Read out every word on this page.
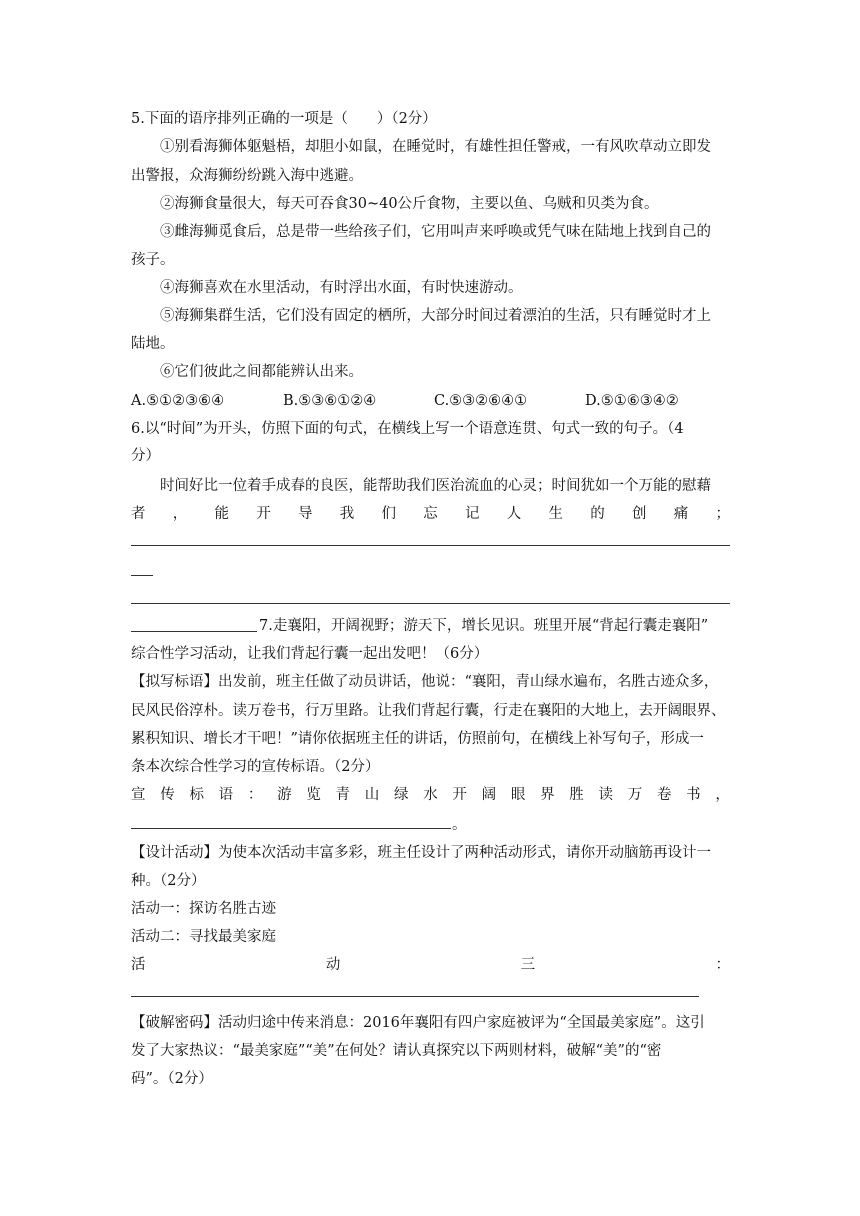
5.下面的语序排列正确的一项是（　　）（2分）
①别看海狮体躯魁梧，却胆小如鼠，在睡觉时，有雄性担任警戒，一有风吹草动立即发
出警报，众海狮纷纷跳入海中逃避。
②海狮食量很大，每天可吞食30~40公斤食物，主要以鱼、乌贼和贝类为食。
③雌海狮觅食后，总是带一些给孩子们，它用叫声来呼唤或凭气味在陆地上找到自己的
孩子。
④海狮喜欢在水里活动，有时浮出水面，有时快速游动。
⑤海狮集群生活，它们没有固定的栖所，大部分时间过着漂泊的生活，只有睡觉时才上
陆地。
⑥它们彼此之间都能辨认出来。
A.⑤①②③⑥④	B.⑤③⑥①②④	C.⑤③②⑥④①	D.⑤①⑥③④②
6.以“时间”为开头，仿照下面的句式，在横线上写一个语意连贯、句式一致的句子。（4
分）
时间好比一位着手成春的良医，能帮助我们医治流血的心灵；时间犹如一个万能的慰藉
者 ， 能 开 导 我 们 忘 记 人 生 的 创 痛 ；
7.走襄阳，开阔视野；游天下，增长见识。班里开展“背起行囊走襄阳”
综合性学习活动，让我们背起行囊一起出发吧！（6分）
【拟写标语】出发前，班主任做了动员讲话，他说：“襄阳，青山绿水遍布，名胜古迹众多，
民风民俗淳朴。读万卷书，行万里路。让我们背起行囊，行走在襄阳的大地上，去开阔眼界、
累积知识、增长才干吧！”请你依据班主任的讲话，仿照前句，在横线上补写句子，形成一
条本次综合性学习的宣传标语。（2分）
宣 传 标 语 ： 游 览 青 山 绿 水 开 阔 眼 界 胜 读 万 卷 书 ，
。
【设计活动】为使本次活动丰富多彩，班主任设计了两种活动形式，请你开动脑筋再设计一
种。（2分）
活动一：探访名胜古迹
活动二：寻找最美家庭
活	动	三	：
【破解密码】活动归途中传来消息：2016年襄阳有四户家庭被评为“全国最美家庭”。这引
发了大家热议：“最美家庭”“美”在何处？请认真探究以下两则材料，破解“美”的“密
码”。（2分）
